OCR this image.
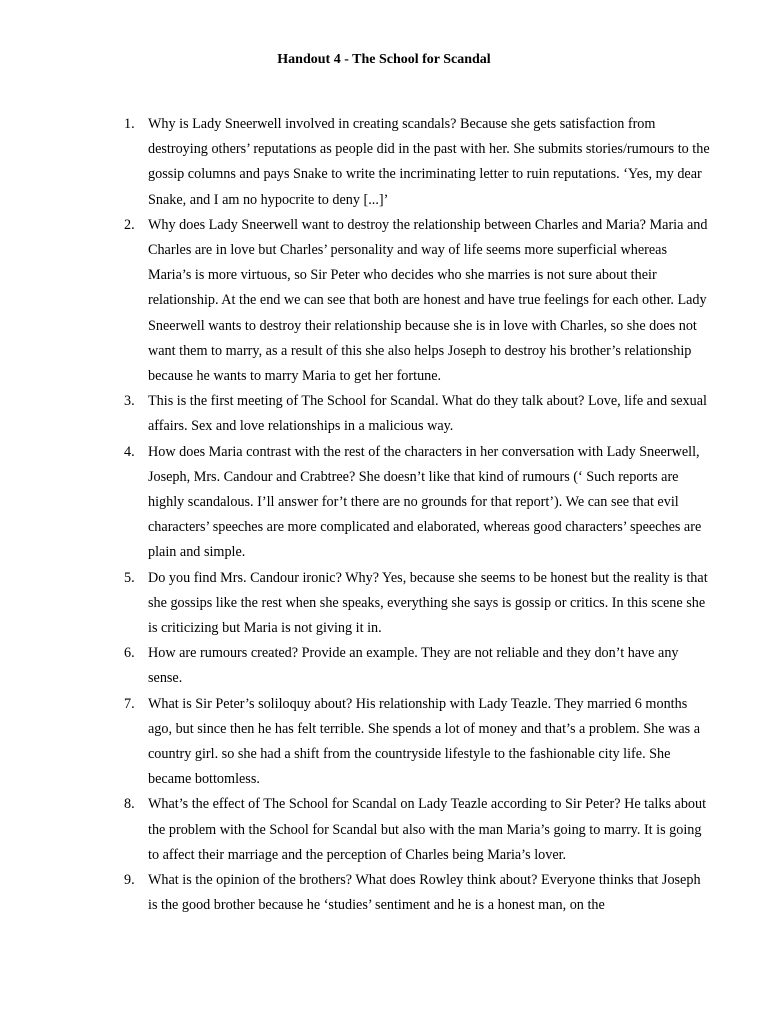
Handout 4 - The School for Scandal
1. Why is Lady Sneerwell involved in creating scandals? Because she gets satisfaction from destroying others’ reputations as people did in the past with her. She submits stories/rumours to the gossip columns and pays Snake to write the incriminating letter to ruin reputations. ‘Yes, my dear Snake, and I am no hypocrite to deny [...]’
2. Why does Lady Sneerwell want to destroy the relationship between Charles and Maria? Maria and Charles are in love but Charles’ personality and way of life seems more superficial whereas Maria’s is more virtuous, so Sir Peter who decides who she marries is not sure about their relationship. At the end we can see that both are honest and have true feelings for each other. Lady Sneerwell wants to destroy their relationship because she is in love with Charles, so she does not want them to marry, as a result of this she also helps Joseph to destroy his brother’s relationship because he wants to marry Maria to get her fortune.
3. This is the first meeting of The School for Scandal. What do they talk about? Love, life and sexual affairs. Sex and love relationships in a malicious way.
4. How does Maria contrast with the rest of the characters in her conversation with Lady Sneerwell, Joseph, Mrs. Candour and Crabtree? She doesn’t like that kind of rumours (‘ Such reports are highly scandalous. I’ll answer for’t there are no grounds for that report’). We can see that evil characters’ speeches are more complicated and elaborated, whereas good characters’ speeches are plain and simple.
5. Do you find Mrs. Candour ironic? Why? Yes, because she seems to be honest but the reality is that she gossips like the rest when she speaks, everything she says is gossip or critics. In this scene she is criticizing but Maria is not giving it in.
6. How are rumours created? Provide an example. They are not reliable and they don’t have any sense.
7. What is Sir Peter’s soliloquy about? His relationship with Lady Teazle. They married 6 months ago, but since then he has felt terrible. She spends a lot of money and that’s a problem. She was a country girl. so she had a shift from the countryside lifestyle to the fashionable city life. She became bottomless.
8. What’s the effect of The School for Scandal on Lady Teazle according to Sir Peter? He talks about the problem with the School for Scandal but also with the man Maria’s going to marry. It is going to affect their marriage and the perception of Charles being Maria’s lover.
9. What is the opinion of the brothers? What does Rowley think about? Everyone thinks that Joseph is the good brother because he ‘studies’ sentiment and he is a honest man, on the
